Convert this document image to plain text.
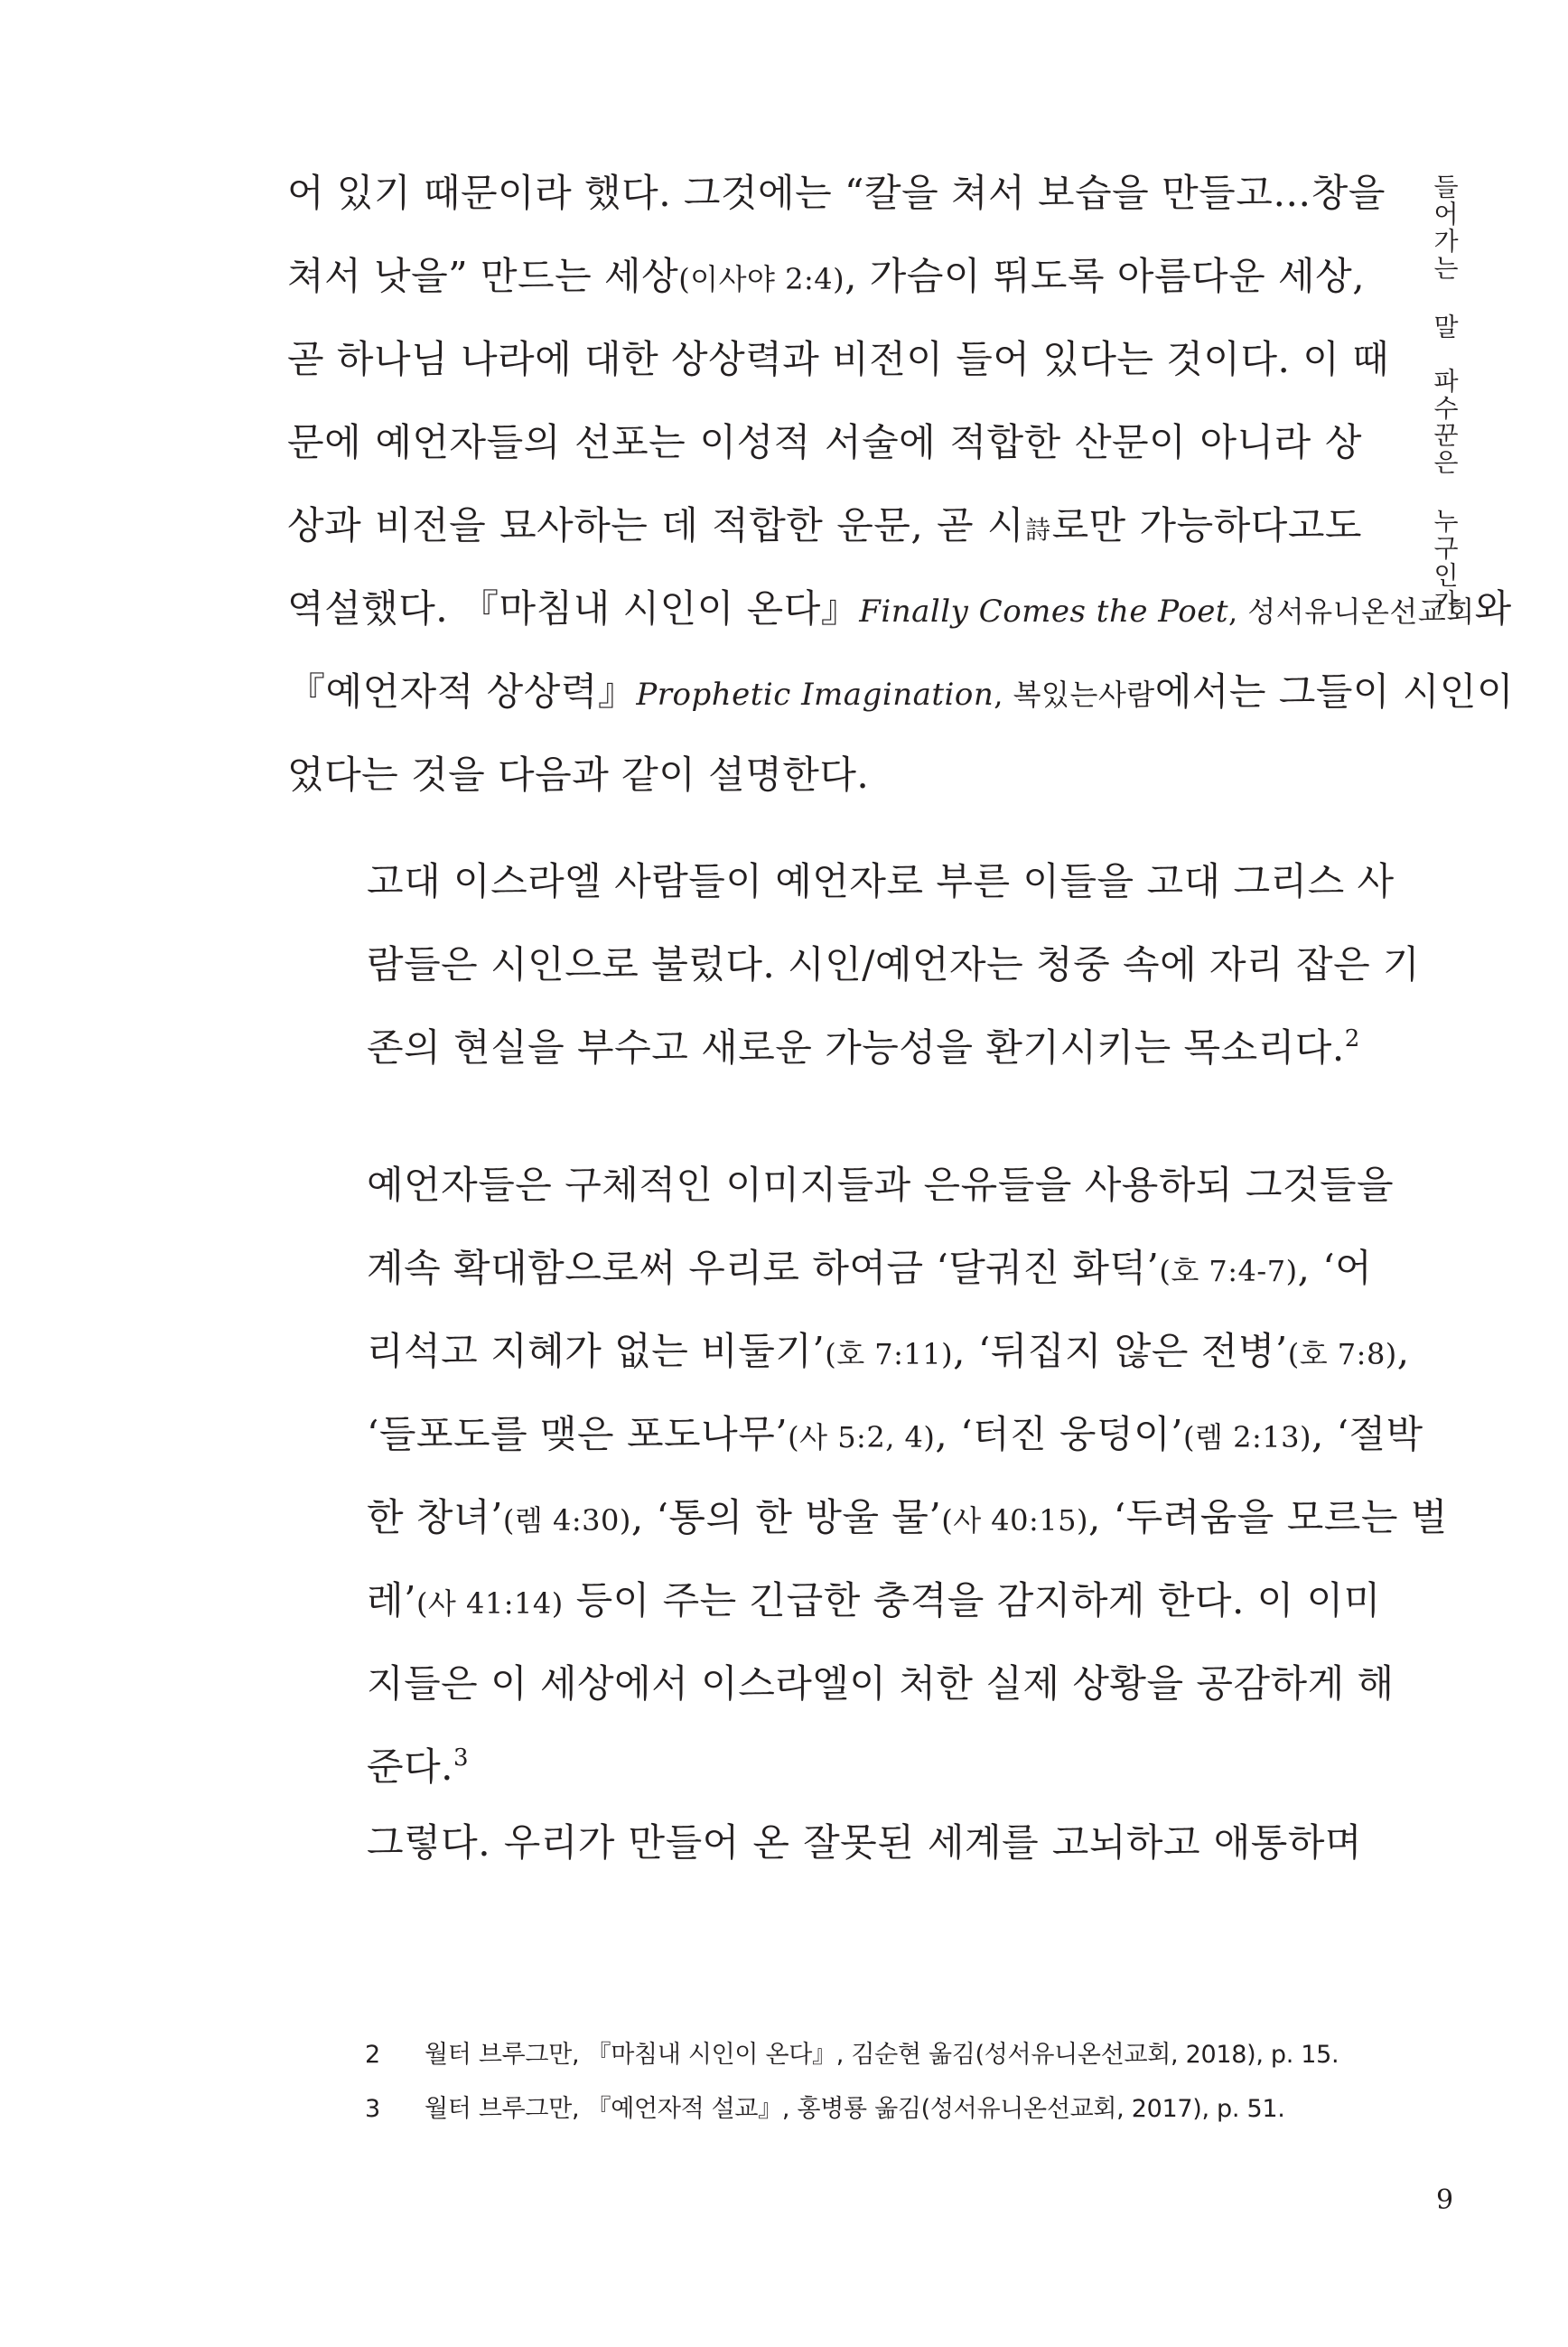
들어가는 말파수꾼은 누구인가
어 있기 때문이라 했다. 그것에는 “칼을 쳐서 보습을 만들고…창을
쳐서 낫을” 만드는 세상(이사야 2:4), 가슴이 뛰도록 아름다운 세상,
곧 하나님 나라에 대한 상상력과 비전이 들어 있다는 것이다. 이 때
문에 예언자들의 선포는 이성적 서술에 적합한 산문이 아니라 상
상과 비전을 묘사하는 데 적합한 운문, 곧 시詩로만 가능하다고도
역설했다. 『마침내 시인이 온다』Finally Comes the Poet, 성서유니온선교회와
『예언자적 상상력』Prophetic Imagination, 복있는사람에서는 그들이 시인이
었다는 것을 다음과 같이 설명한다.
고대 이스라엘 사람들이 예언자로 부른 이들을 고대 그리스 사
람들은 시인으로 불렀다. 시인/예언자는 청중 속에 자리 잡은 기
존의 현실을 부수고 새로운 가능성을 환기시키는 목소리다.$^2$
예언자들은 구체적인 이미지들과 은유들을 사용하되 그것들을
계속 확대함으로써 우리로 하여금 ‘달궈진 화덕’(호 7:4-7), ‘어
리석고 지혜가 없는 비둘기’(호 7:11), ‘뒤집지 않은 전병’(호 7:8),
‘들포도를 맺은 포도나무’(사 5:2, 4), ‘터진 웅덩이’(렘 2:13), ‘절박
한 창녀’(렘 4:30), ‘통의 한 방울 물’(사 40:15), ‘두려움을 모르는 벌
레’(사 41:14) 등이 주는 긴급한 충격을 감지하게 한다. 이 이미
지들은 이 세상에서 이스라엘이 처한 실제 상황을 공감하게 해
준다.$^3$
그렇다. 우리가 만들어 온 잘못된 세계를 고뇌하고 애통하며
2 월터 브루그만, 『마침내 시인이 온다』, 김순현 옮김(성서유니온선교회, 2018), p. 15.
3 월터 브루그만, 『예언자적 설교』, 홍병룡 옮김(성서유니온선교회, 2017), p. 51.
9
